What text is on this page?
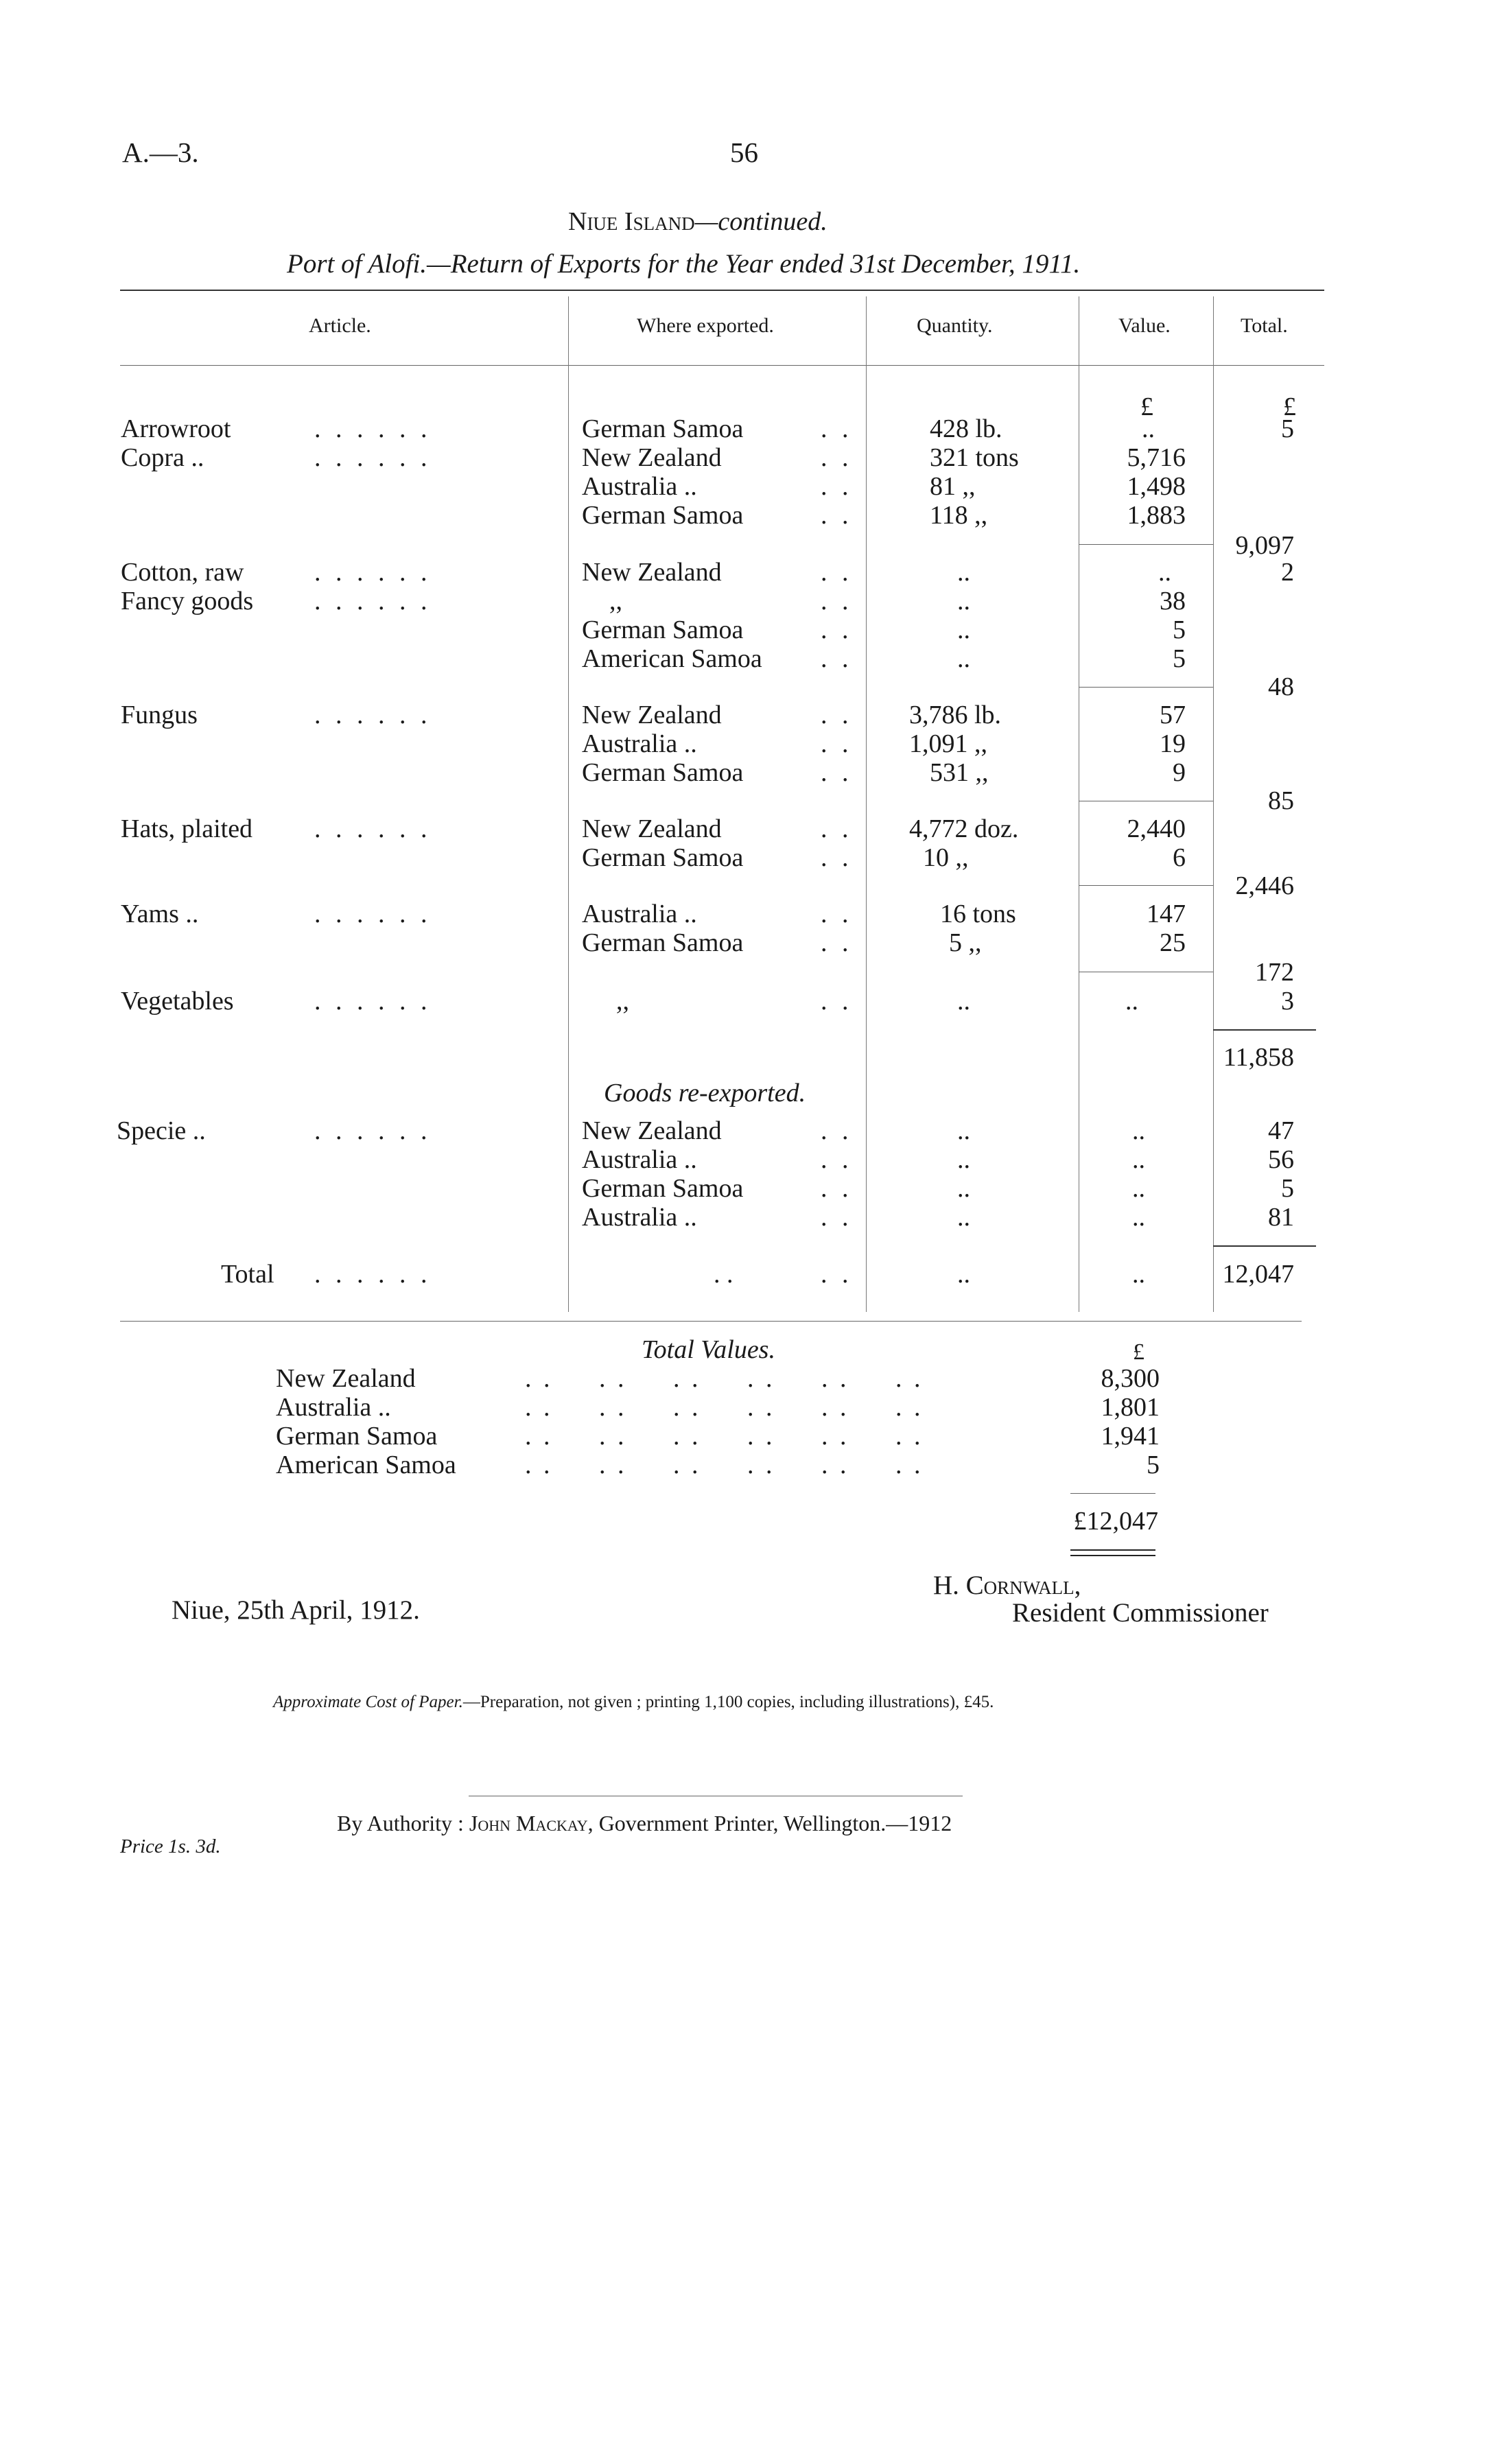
A.—3.	56
Niue Island—continued.
Port of Alofi.—Return of Exports for the Year ended 31st December, 1911.
Article.	Where exported.	Quantity.	Value.	Total.
£	£
Arrowroot	. . . . . .	German Samoa	. .	428 lb.	..	5
Copra ..	. . . . . .	New Zealand	. .	321 tons	5,716
Australia ..	. .	81 ,,	1,498
German Samoa	. .	118 ,,	1,883
9,097
Cotton, raw	. . . . . .	New Zealand	. .	..	..	2
Fancy goods . . . . . .	,,	. .	..	38
German Samoa	. .	..	5
American Samoa . .	..	5
48
Fungus	. . . . . .	New Zealand	. . 3,786 lb.	57
Australia ..	. . 1,091 ,,	19
German Samoa	. .	531 ,,	9
85
Hats, plaited . . . . . .	New Zealand	. . 4,772 doz.	2,440
German Samoa	. .	10 ,,	6
2,446
Yams ..	. . . . . .	Australia ..	. .	16 tons	147
German Samoa	. .	5 ,,	25
172
Vegetables	. . . . . .	,,	. .	..	..	3
11,858
Goods re-exported.
Specie ..	. . . . . .	New Zealand	. .	..	..	47
Australia ..	. .	..	..	56
German Samoa	. .	..	..	5
Australia ..	. .	..	..	81
Total . . . . . .	. .	. .	..	..	12,047
Total Values.	£
New Zealand	. .     . .     . .     . .     . .     . .	8,300
Australia ..	. .     . .     . .     . .     . .     . .	1,801
German Samoa	. .     . .     . .     . .     . .     . .	1,941
American Samoa	. .     . .     . .     . .     . .     . .	5
£12,047
Niue, 25th April, 1912.
H. Cornwall,
Resident Commissioner
Approximate Cost of Paper.—Preparation, not given ; printing 1,100 copies, including illustrations), £45.
By Authority : John Mackay, Government Printer, Wellington.—1912
Price 1s. 3d.
